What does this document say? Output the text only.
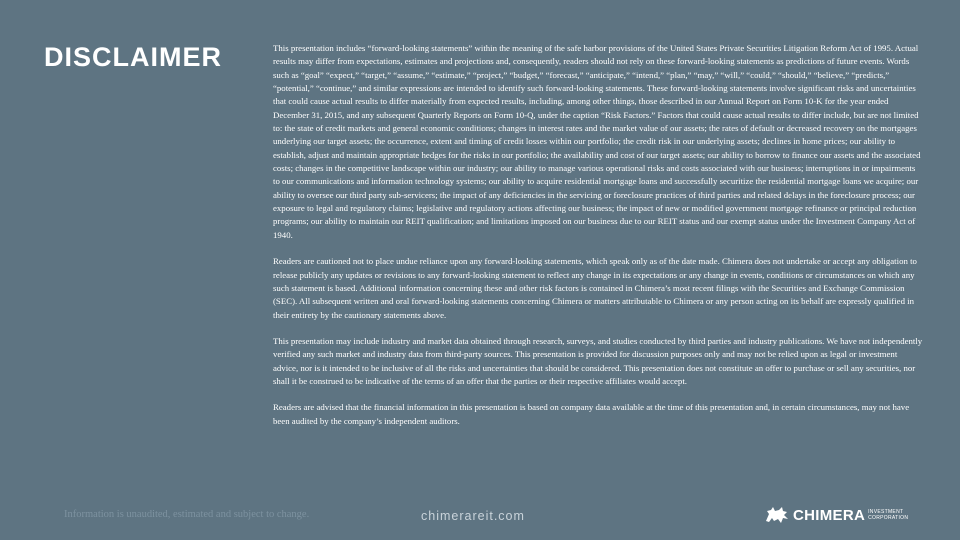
DISCLAIMER	This presentation includes “forward-looking statements” within the meaning of the safe harbor provisions of the United States Private Securities Litigation Reform Act of 1995. Actual results may differ from expectations, estimates and projections and, consequently, readers should not rely on these forward-looking statements as predictions of future events. Words such as “goal” “expect,” “target,” “assume,” “estimate,” “project,” “budget,” “forecast,” “anticipate,” “intend,” “plan,” “may,” “will,” “could,” “should,” “believe,” “predicts,” “potential,” “continue,” and similar expressions are intended to identify such forward-looking statements. These forward-looking statements involve significant risks and uncertainties that could cause actual results to differ materially from expected results, including, among other things, those described in our Annual Report on Form 10-K for the year ended December 31, 2015, and any subsequent Quarterly Reports on Form 10-Q, under the caption “Risk Factors.” Factors that could cause actual results to differ include, but are not limited to: the state of credit markets and general economic conditions; changes in interest rates and the market value of our assets; the rates of default or decreased recovery on the mortgages underlying our target assets; the occurrence, extent and timing of credit losses within our portfolio; the credit risk in our underlying assets; declines in home prices; our ability to establish, adjust and maintain appropriate hedges for the risks in our portfolio; the availability and cost of our target assets; our ability to borrow to finance our assets and the associated costs; changes in the competitive landscape within our industry; our ability to manage various operational risks and costs associated with our business; interruptions in or impairments to our communications and information technology systems; our ability to acquire residential mortgage loans and successfully securitize the residential mortgage loans we acquire; our ability to oversee our third party sub-servicers; the impact of any deficiencies in the servicing or foreclosure practices of third parties and related delays in the foreclosure process; our exposure to legal and regulatory claims; legislative and regulatory actions affecting our business; the impact of new or modified government mortgage refinance or principal reduction programs; our ability to maintain our REIT qualification; and limitations imposed on our business due to our REIT status and our exempt status under the Investment Company Act of 1940.

Readers are cautioned not to place undue reliance upon any forward-looking statements, which speak only as of the date made. Chimera does not undertake or accept any obligation to release publicly any updates or revisions to any forward-looking statement to reflect any change in its expectations or any change in events, conditions or circumstances on which any such statement is based. Additional information concerning these and other risk factors is contained in Chimera’s most recent filings with the Securities and Exchange Commission (SEC). All subsequent written and oral forward-looking statements concerning Chimera or matters attributable to Chimera or any person acting on its behalf are expressly qualified in their entirety by the cautionary statements above.

This presentation may include industry and market data obtained through research, surveys, and studies conducted by third parties and industry publications. We have not independently verified any such market and industry data from third-party sources. This presentation is provided for discussion purposes only and may not be relied upon as legal or investment advice, nor is it intended to be inclusive of all the risks and uncertainties that should be considered. This presentation does not constitute an offer to purchase or sell any securities, nor shall it be construed to be indicative of the terms of an offer that the parties or their respective affiliates would accept.

Readers are advised that the financial information in this presentation is based on company data available at the time of this presentation and, in certain circumstances, may not have been audited by the company’s independent auditors.

Information is unaudited, estimated and subject to change.	chimerareit.com	CHIMERA INVESTMENT
CORPORATION
